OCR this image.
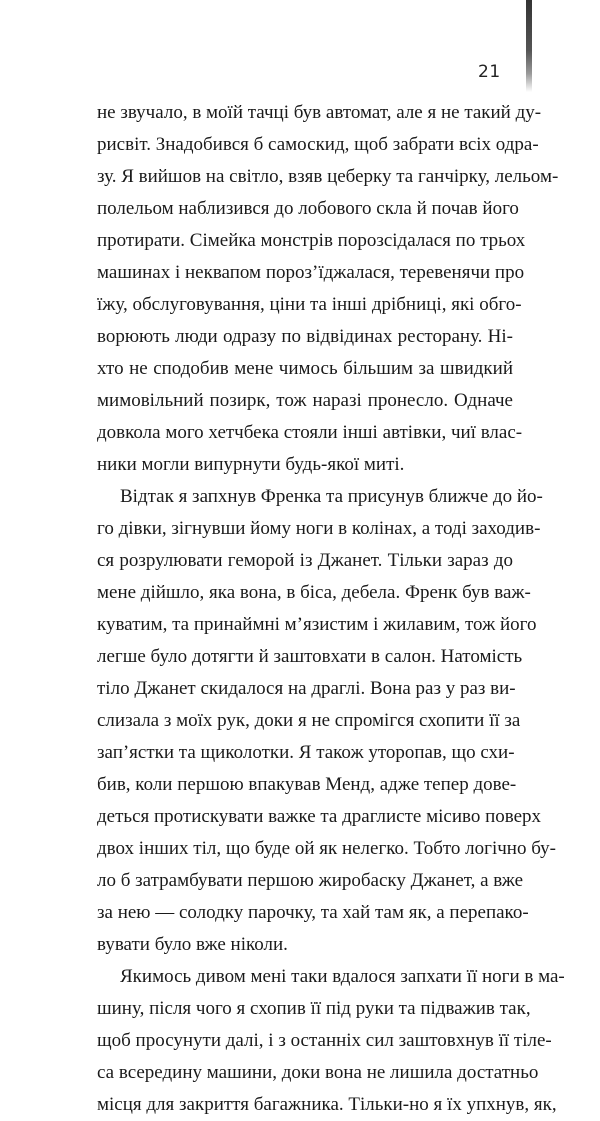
21
не звучало, в моїй тачці був автомат, але я не такий ду-
рисвіт. Знадобився б самоскид, щоб забрати всіх одра-
зу. Я вийшов на світло, взяв цеберку та ганчірку, лельом-
полельом наблизився до лобового скла й почав його
протирати. Сімейка монстрів порозсідалася по трьох
машинах і неквапом пороз’їджалася, теревенячи про
їжу, обслуговування, ціни та інші дрібниці, які обго-
ворюють люди одразу по відвідинах ресторану. Ні-
хто не сподобив мене чимось більшим за швидкий
мимовільний позирк, тож наразі пронесло. Одначе
довкола мого хетчбека стояли інші автівки, чиї влас-
ники могли випурнути будь-якої миті.
Відтак я запхнув Френка та присунув ближче до йо-
го дівки, зігнувши йому ноги в колінах, а тоді заходив-
ся розрулювати геморой із Джанет. Тільки зараз до
мене дійшло, яка вона, в біса, дебела. Френк був важ-
куватим, та принаймні м’язистим і жилавим, тож його
легше було дотягти й заштовхати в салон. Натомість
тіло Джанет скидалося на драглі. Вона раз у раз ви-
слизала з моїх рук, доки я не спромігся схопити її за
зап’ястки та щиколотки. Я також уторопав, що схи-
бив, коли першою впакував Менд, адже тепер дове-
деться протискувати важке та драглисте місиво поверх
двох інших тіл, що буде ой як нелегко. Тобто логічно бу-
ло б затрамбувати першою жиробаску Джанет, а вже
за нею — солодку парочку, та хай там як, а перепако-
вувати було вже ніколи.
Якимось дивом мені таки вдалося запхати її ноги в ма-
шину, після чого я схопив її під руки та підважив так,
щоб просунути далі, і з останніх сил заштовхнув її тіле-
са всередину машини, доки вона не лишила достатньо
місця для закриття багажника. Тільки-но я їх упхнув, як,
